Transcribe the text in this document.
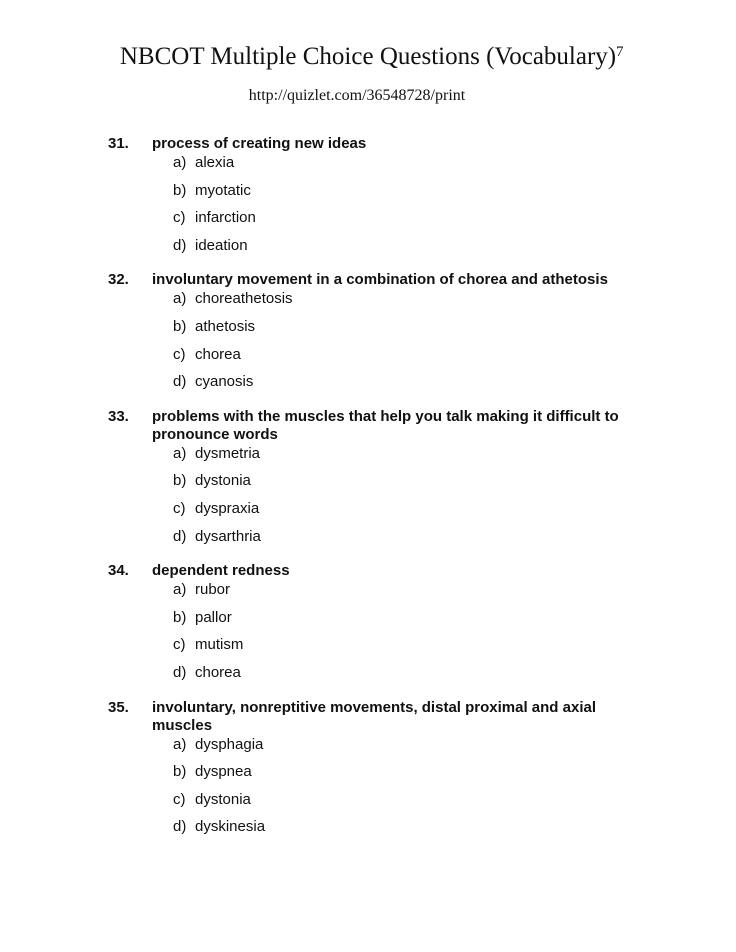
NBCOT Multiple Choice Questions (Vocabulary) 7
http://quizlet.com/36548728/print
31. process of creating new ideas
a) alexia
b) myotatic
c) infarction
d) ideation
32. involuntary movement in a combination of chorea and athetosis
a) choreathetosis
b) athetosis
c) chorea
d) cyanosis
33. problems with the muscles that help you talk making it difficult to pronounce words
a) dysmetria
b) dystonia
c) dyspraxia
d) dysarthria
34. dependent redness
a) rubor
b) pallor
c) mutism
d) chorea
35. involuntary, nonreptitive movements, distal proximal and axial muscles
a) dysphagia
b) dyspnea
c) dystonia
d) dyskinesia
